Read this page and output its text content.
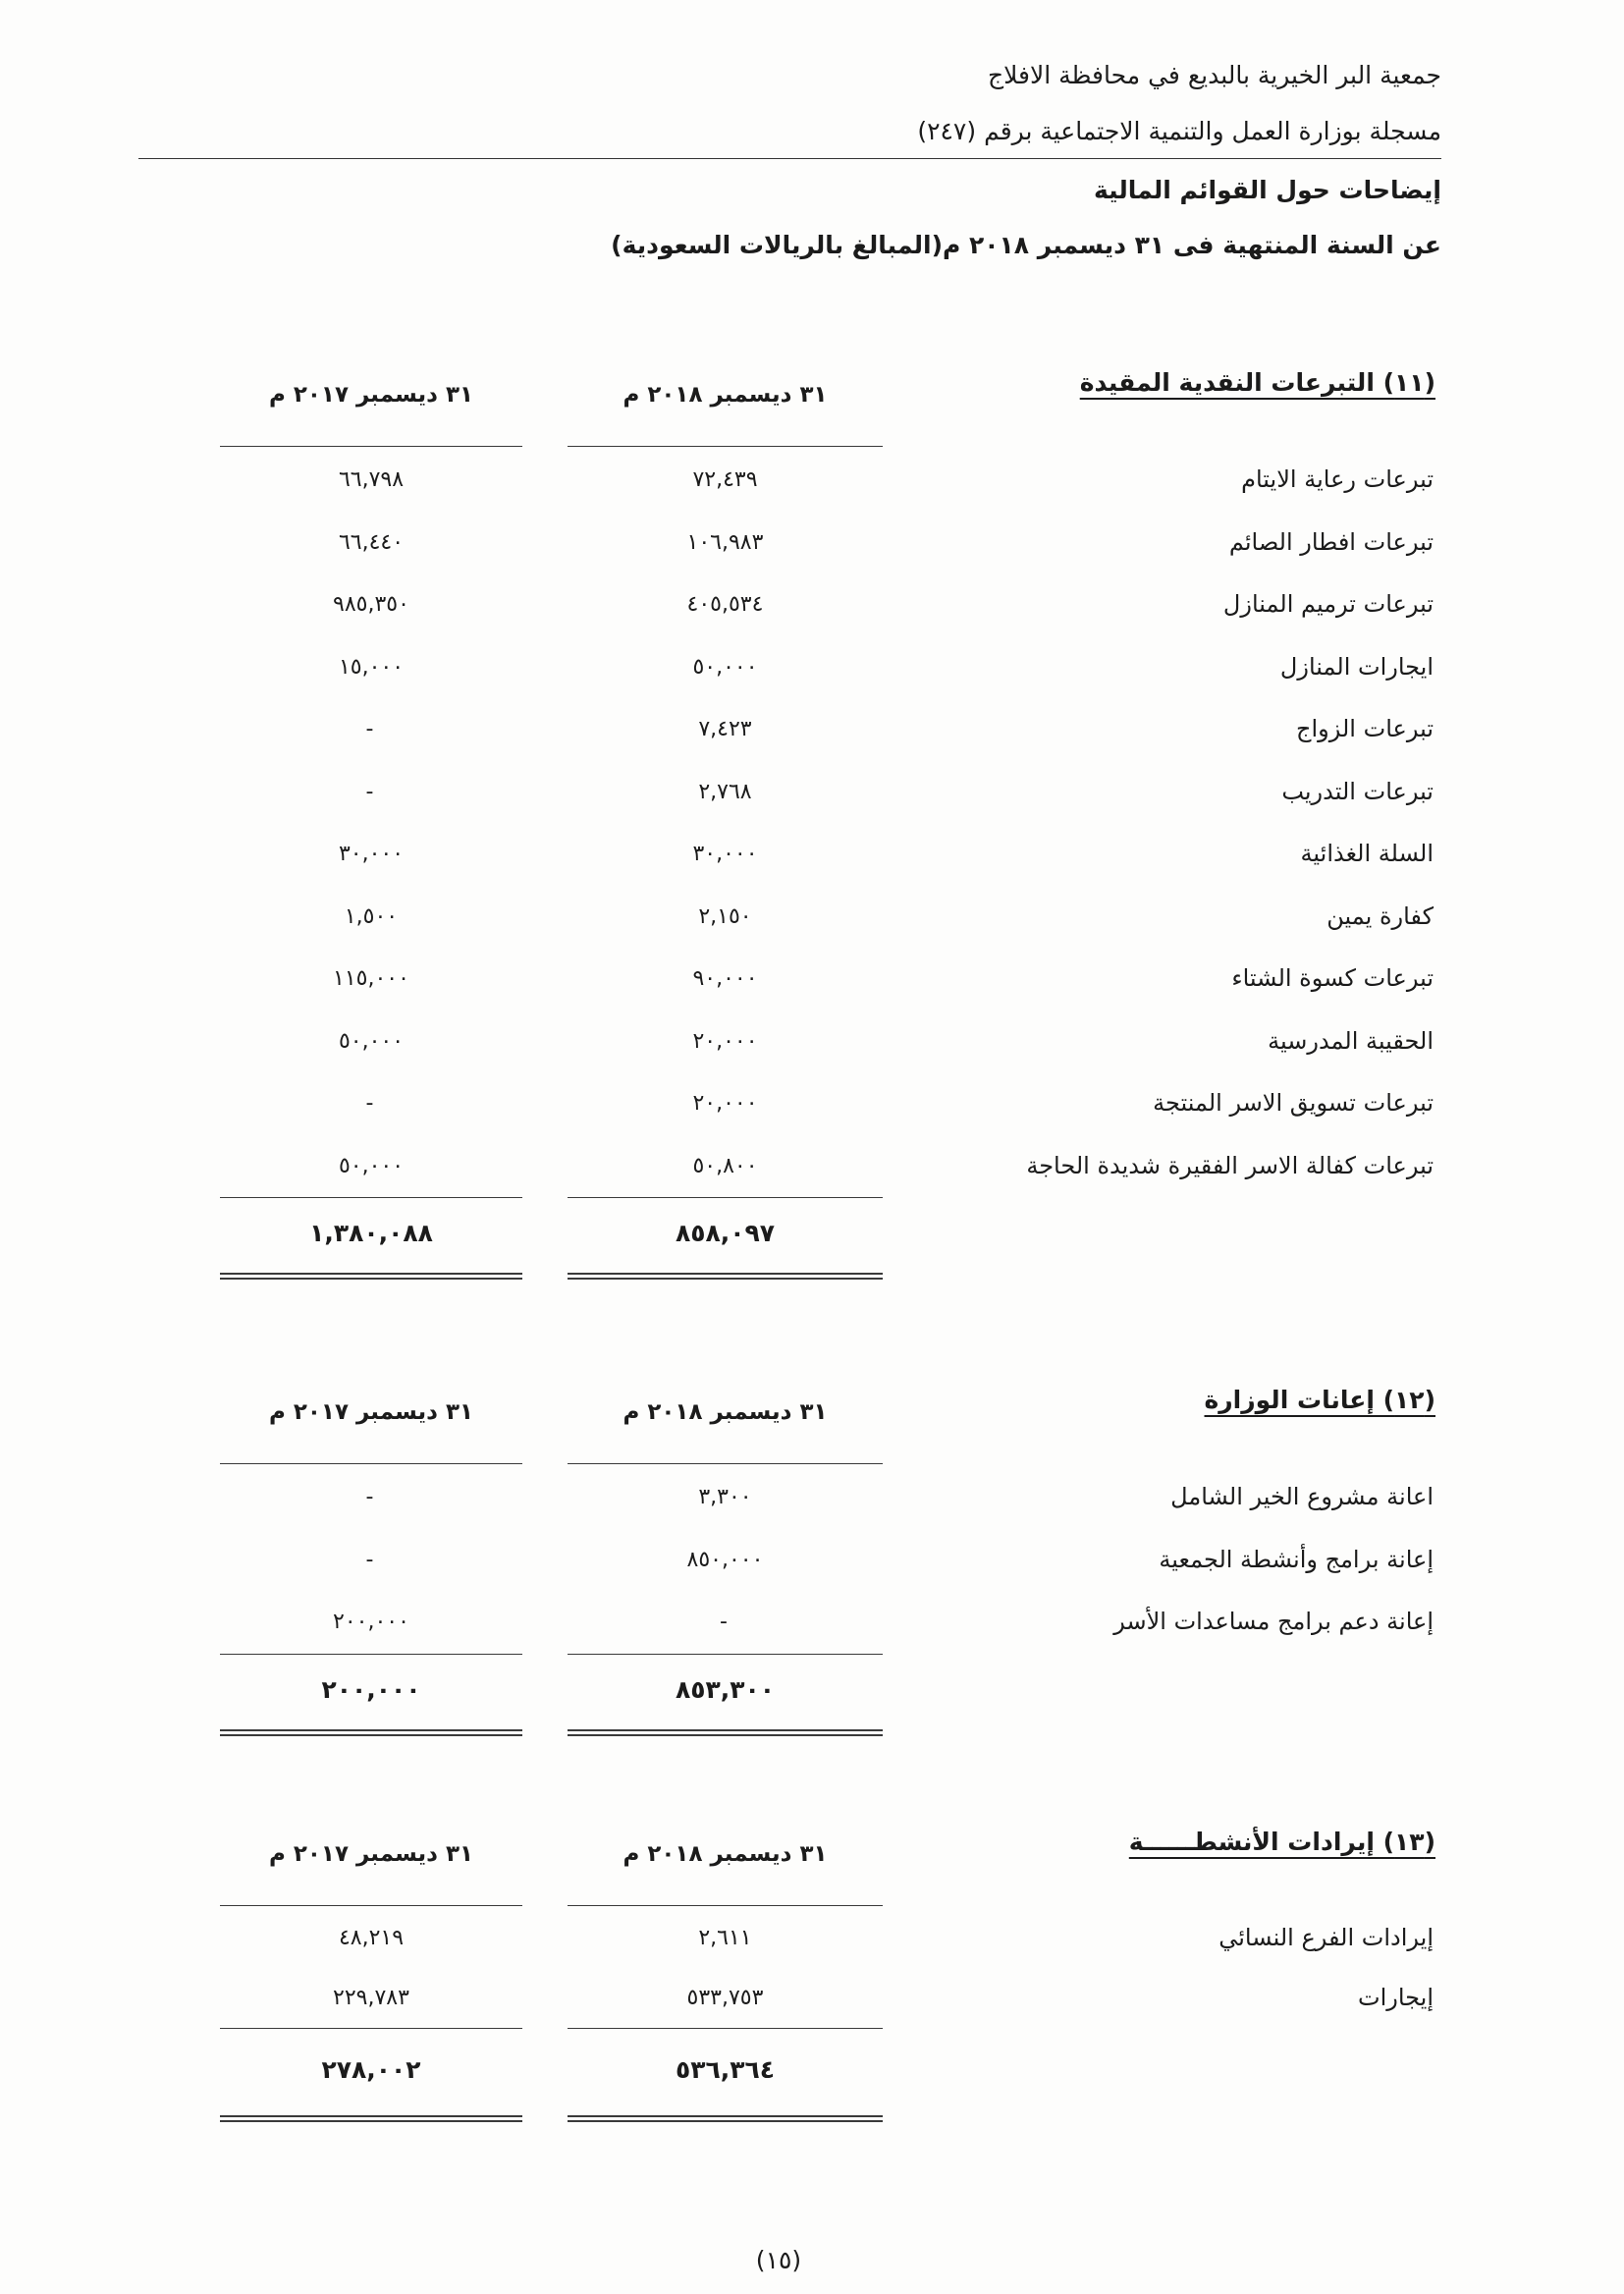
جمعية البر الخيرية بالبديع في محافظة الافلاج
مسجلة بوزارة العمل والتنمية الاجتماعية برقم (٢٤٧)
إيضاحات حول القوائم المالية
عن السنة المنتهية فى ٣١ ديسمبر ٢٠١٨ م(المبالغ بالريالات السعودية)
(١١) التبرعات النقدية المقيدة
٣١ ديسمبر ٢٠١٨ م
٣١ ديسمبر ٢٠١٧ م
تبرعات رعاية الايتام
٧٢,٤٣٩
٦٦,٧٩٨
تبرعات افطار الصائم
١٠٦,٩٨٣
٦٦,٤٤٠
تبرعات ترميم المنازل
٤٠٥,٥٣٤
٩٨٥,٣٥٠
ايجارات المنازل
٥٠,٠٠٠
١٥,٠٠٠
تبرعات الزواج
٧,٤٢٣
-
تبرعات التدريب
٢,٧٦٨
-
السلة الغذائية
٣٠,٠٠٠
٣٠,٠٠٠
كفارة يمين
٢,١٥٠
١,٥٠٠
تبرعات كسوة الشتاء
٩٠,٠٠٠
١١٥,٠٠٠
الحقيبة المدرسية
٢٠,٠٠٠
٥٠,٠٠٠
تبرعات تسويق الاسر المنتجة
٢٠,٠٠٠
-
تبرعات كفالة الاسر الفقيرة شديدة الحاجة
٥٠,٨٠٠
٥٠,٠٠٠
٨٥٨,٠٩٧
١,٣٨٠,٠٨٨
(١٢) إعانات الوزارة
٣١ ديسمبر ٢٠١٨ م
٣١ ديسمبر ٢٠١٧ م
اعانة مشروع الخير الشامل
٣,٣٠٠
-
إعانة برامج وأنشطة الجمعية
٨٥٠,٠٠٠
-
إعانة دعم برامج مساعدات الأسر
-
٢٠٠,٠٠٠
٨٥٣,٣٠٠
٢٠٠,٠٠٠
(١٣) إيرادات الأنشطــــــة
٣١ ديسمبر ٢٠١٨ م
٣١ ديسمبر ٢٠١٧ م
إيرادات الفرع النسائي
٢,٦١١
٤٨,٢١٩
إيجارات
٥٣٣,٧٥٣
٢٢٩,٧٨٣
٥٣٦,٣٦٤
٢٧٨,٠٠٢
(١٥)
